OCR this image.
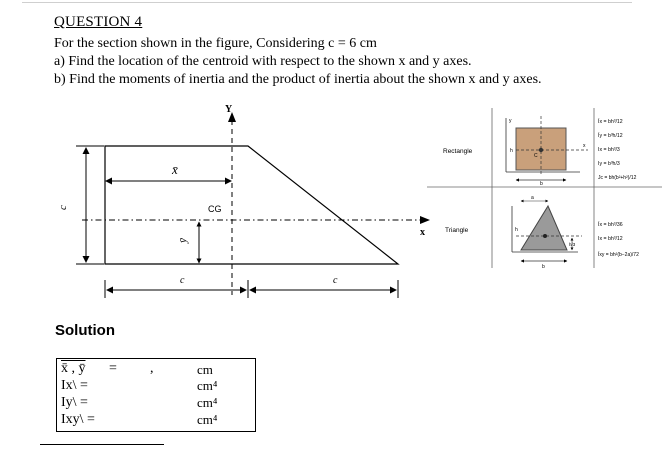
QUESTION 4
For the section shown in the figure, Considering c = 6 cm
a) Find the location of the centroid with respect to the shown x and y axes.
b) Find the moments of inertia and the product of inertia about the shown x and y axes.
Y
x
CG
x̄
ȳ
c
c	c
Rectangle
Triangle
h
b
C
x
y
h
b
a
h/3
Īx = bh³/12
Īy = b³h/12
Ix = bh³/3
Iy = b³h/3
Jc = bh(b²+h²)/12
Īx = bh³/36
Ix = bh³/12
Īxy = bh²(b−2a)/72
Solution
x̄ , ȳ = ,	cm
Ix\ =	cm⁴
Iy\ =	cm⁴
Ixy\ =	cm⁴
